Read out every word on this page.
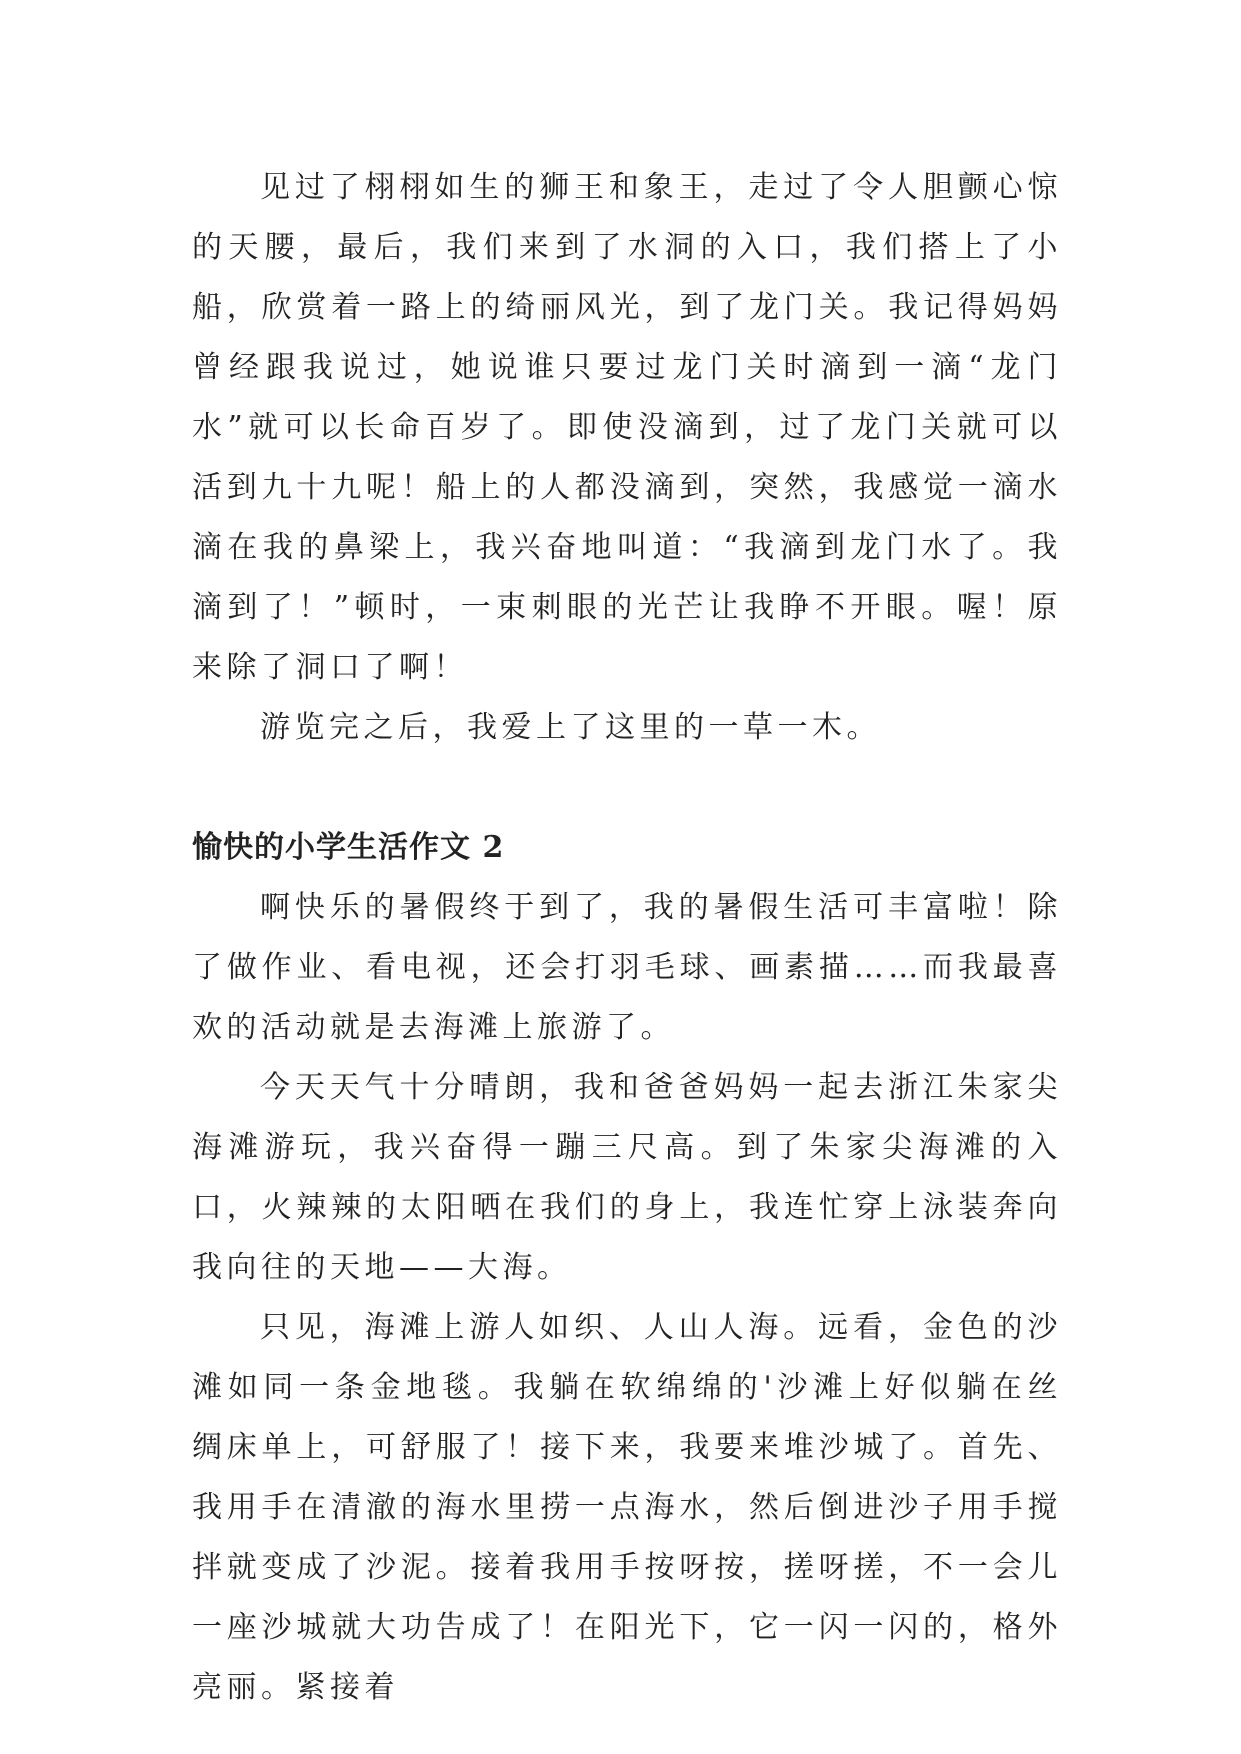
见过了栩栩如生的狮王和象王，走过了令人胆颤心惊的天腰，最后，我们来到了水洞的入口，我们搭上了小船，欣赏着一路上的绮丽风光，到了龙门关。我记得妈妈曾经跟我说过，她说谁只要过龙门关时滴到一滴“龙门水”就可以长命百岁了。即使没滴到，过了龙门关就可以活到九十九呢！船上的人都没滴到，突然，我感觉一滴水滴在我的鼻梁上，我兴奋地叫道：“我滴到龙门水了。我滴到了！”顿时，一束刺眼的光芒让我睁不开眼。喔！原来除了洞口了啊！

游览完之后，我爱上了这里的一草一木。

愉快的小学生活作文 2

啊快乐的暑假终于到了，我的暑假生活可丰富啦！除了做作业、看电视，还会打羽毛球、画素描……而我最喜欢的活动就是去海滩上旅游了。

今天天气十分晴朗，我和爸爸妈妈一起去浙江朱家尖海滩游玩，我兴奋得一蹦三尺高。到了朱家尖海滩的入口，火辣辣的太阳晒在我们的身上，我连忙穿上泳装奔向我向往的天地——大海。

只见，海滩上游人如织、人山人海。远看，金色的沙滩如同一条金地毯。我躺在软绵绵的'沙滩上好似躺在丝绸床单上，可舒服了！接下来，我要来堆沙城了。首先、我用手在清澈的海水里捞一点海水，然后倒进沙子用手搅拌就变成了沙泥。接着我用手按呀按，搓呀搓，不一会儿一座沙城就大功告成了！在阳光下，它一闪一闪的，格外亮丽。紧接着
